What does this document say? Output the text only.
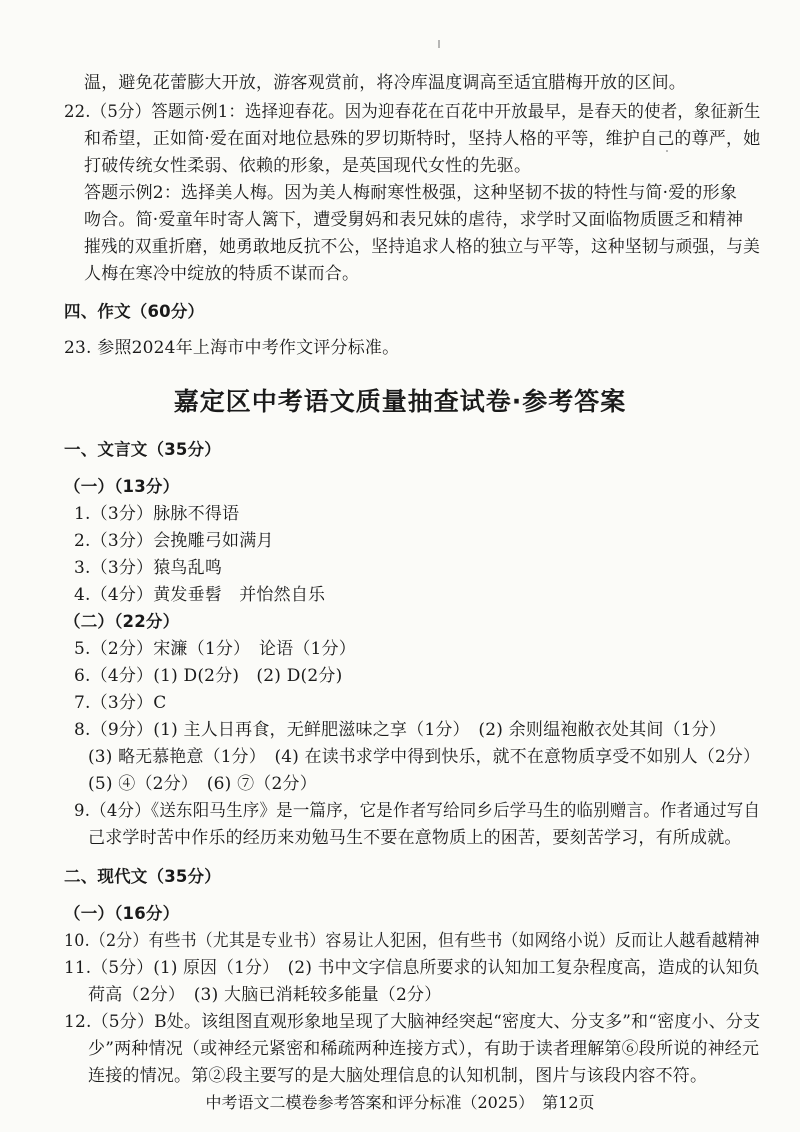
温，避免花蕾膨大开放，游客观赏前，将冷库温度调高至适宜腊梅开放的区间。
22.（5分）答题示例1：选择迎春花。因为迎春花在百花中开放最早，是春天的使者，象征新生
和希望，正如简·爱在面对地位悬殊的罗切斯特时，坚持人格的平等，维护自己的尊严，她
打破传统女性柔弱、依赖的形象，是英国现代女性的先驱。
答题示例2：选择美人梅。因为美人梅耐寒性极强，这种坚韧不拔的特性与简·爱的形象
吻合。简·爱童年时寄人篱下，遭受舅妈和表兄妹的虐待，求学时又面临物质匮乏和精神
摧残的双重折磨，她勇敢地反抗不公，坚持追求人格的独立与平等，这种坚韧与顽强，与美
人梅在寒冷中绽放的特质不谋而合。
四、作文（60分）
23. 参照2024年上海市中考作文评分标准。
嘉定区中考语文质量抽查试卷·参考答案
一、文言文（35分）
（一）（13分）
1.（3分）脉脉不得语
2.（3分）会挽雕弓如满月
3.（3分）猿鸟乱鸣
4.（4分）黄发垂髫　并怡然自乐
（二）（22分）
5.（2分）宋濂（1分）　论语（1分）
6.（4分）(1) D(2分)　(2) D(2分)
7.（3分）C
8.（9分）(1) 主人日再食，无鲜肥滋味之享（1分）　(2) 余则缊袍敝衣处其间（1分）
(3) 略无慕艳意（1分）　(4) 在读书求学中得到快乐，就不在意物质享受不如别人（2分）
(5) ④（2分）　(6) ⑦（2分）
9.（4分）《送东阳马生序》是一篇序，它是作者写给同乡后学马生的临别赠言。作者通过写自
己求学时苦中作乐的经历来劝勉马生不要在意物质上的困苦，要刻苦学习，有所成就。
二、现代文（35分）
（一）（16分）
10.（2分）有些书（尤其是专业书）容易让人犯困，但有些书（如网络小说）反而让人越看越精神
11.（5分）(1) 原因（1分）　(2) 书中文字信息所要求的认知加工复杂程度高，造成的认知负
荷高（2分）　(3) 大脑已消耗较多能量（2分）
12.（5分）B处。该组图直观形象地呈现了大脑神经突起“密度大、分支多”和“密度小、分支
少”两种情况（或神经元紧密和稀疏两种连接方式），有助于读者理解第⑥段所说的神经元
连接的情况。第②段主要写的是大脑处理信息的认知机制，图片与该段内容不符。
中考语文二模卷参考答案和评分标准（2025）　第12页
